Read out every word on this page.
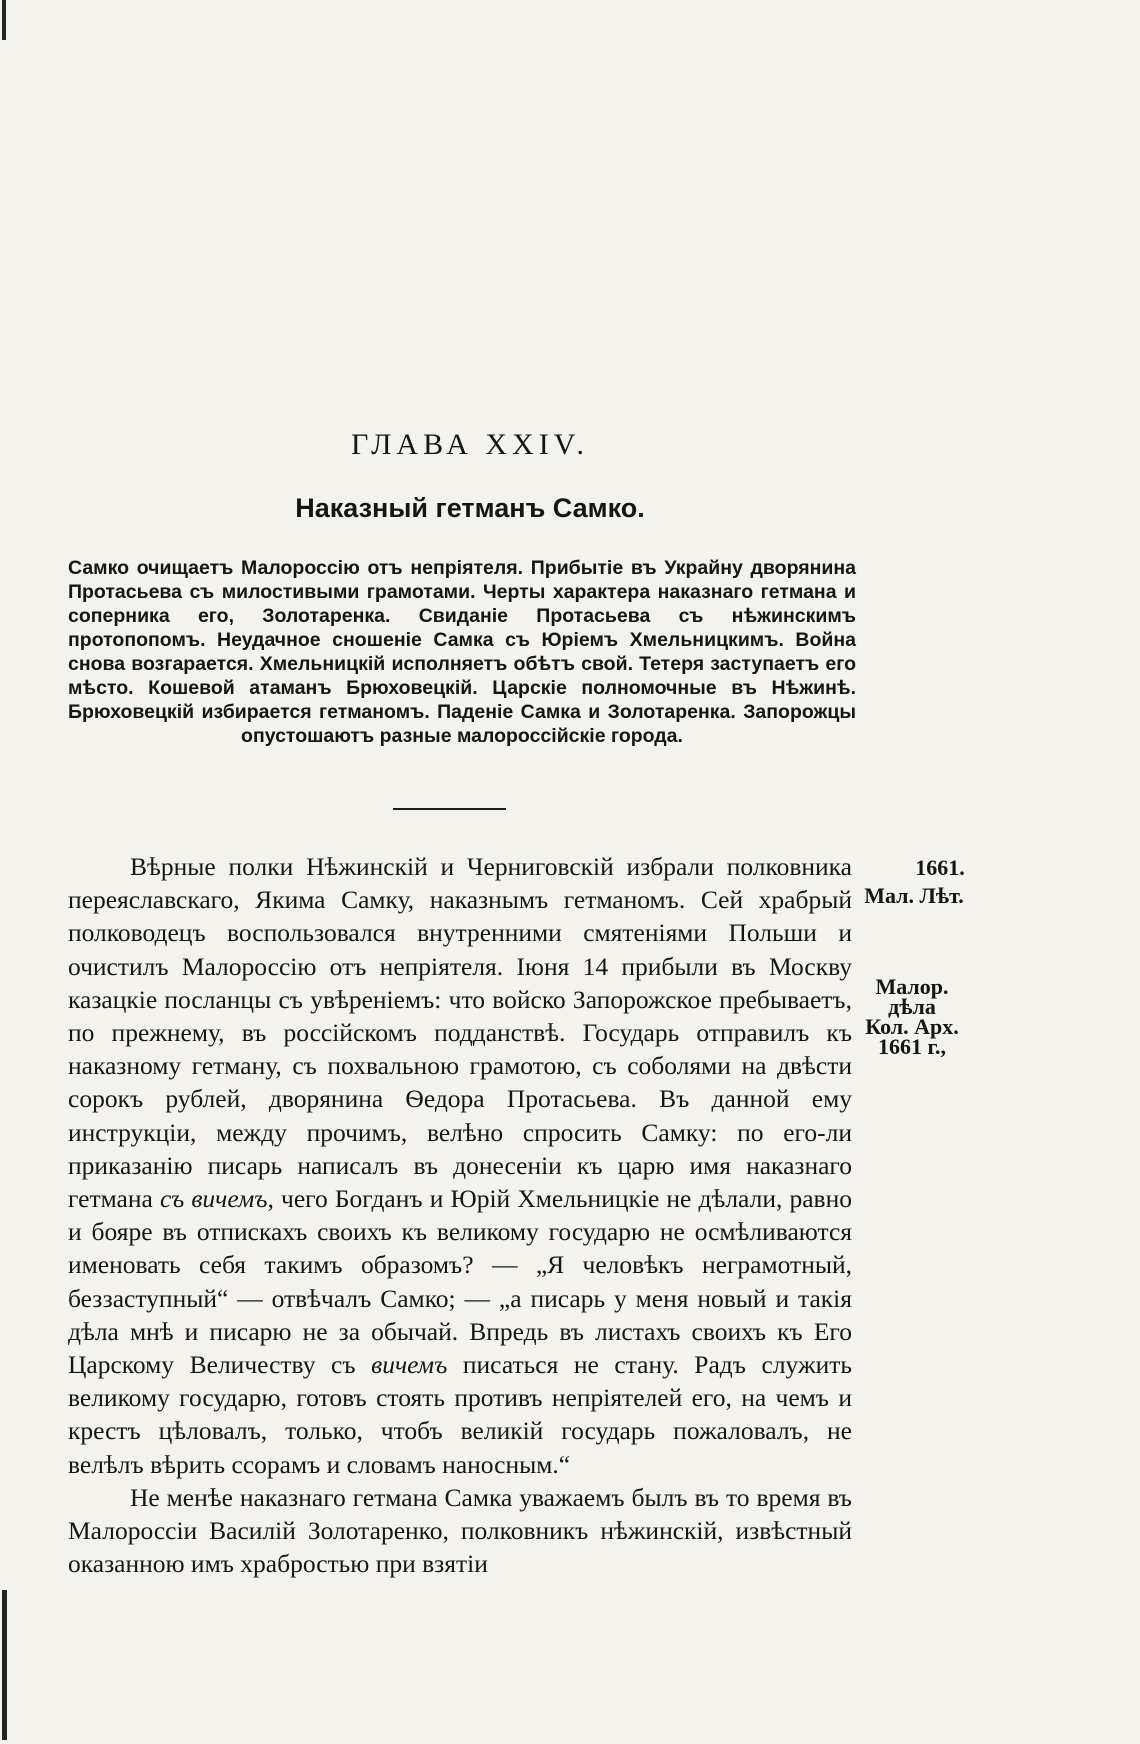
ГЛАВА XXIV.
Наказный гетманъ Самко.
Самко очищаетъ Малороссію отъ непріятеля. Прибытіе въ Украйну дворянина Протасьева съ милостивыми грамотами. Черты характера наказнаго гетмана и соперника его, Золотаренка. Свиданіе Протасьева съ нѣжинскимъ протопопомъ. Неудачное сношеніе Самка съ Юріемъ Хмельницкимъ. Война снова возгарается. Хмельницкій исполняетъ обѣтъ свой. Тетеря заступаетъ его мѣсто. Кошевой атаманъ Брюховецкій. Царскіе полномочные въ Нѣжинѣ. Брюховецкій избирается гетманомъ. Паденіе Самка и Золотаренка. Запорожцы опустошаютъ разные малороссійскіе города.

Вѣрные полки Нѣжинскій и Черниговскій избрали полковника переяславскаго, Якима Самку, наказнымъ гетманомъ. Сей храбрый полководецъ воспользовался внутренними смятеніями Польши и очистилъ Малороссію отъ непріятеля. Іюня 14 прибыли въ Москву казацкіе посланцы съ увѣреніемъ: что войско Запорожское пребываетъ, по прежнему, въ россійскомъ подданствѣ. Государь отправилъ къ наказному гетману, съ похвальною грамотою, съ соболями на двѣсти сорокъ рублей, дворянина Ѳедора Протасьева. Въ данной ему инструкціи, между прочимъ, велѣно спросить Самку: по его-ли приказанію писарь написалъ въ донесеніи къ царю имя наказнаго гетмана съ вичемъ, чего Богданъ и Юрій Хмельницкіе не дѣлали, равно и бояре въ отпискахъ своихъ къ великому государю не осмѣливаются именовать себя такимъ образомъ? — „Я человѣкъ неграмотный, беззаступный“ — отвѣчалъ Самко; — „а писарь у меня новый и такія дѣла мнѣ и писарю не за обычай. Впредь въ листахъ своихъ къ Его Царскому Величеству съ вичемъ писаться не стану. Радъ служить великому государю, готовъ стоять противъ непріятелей его, на чемъ и крестъ цѣловалъ, только, чтобъ великій государь пожаловалъ, не велѣлъ вѣрить ссорамъ и словамъ наносным.“

Не менѣе наказнаго гетмана Самка уважаемъ былъ въ то время въ Малороссіи Василій Золотаренко, полковникъ нѣжинскій, извѣстный оказанною имъ храбростью при взятіи

1661.
Мал. Лѣт.
Малор.
дѣла
Кол. Арх.
1661 г.,
